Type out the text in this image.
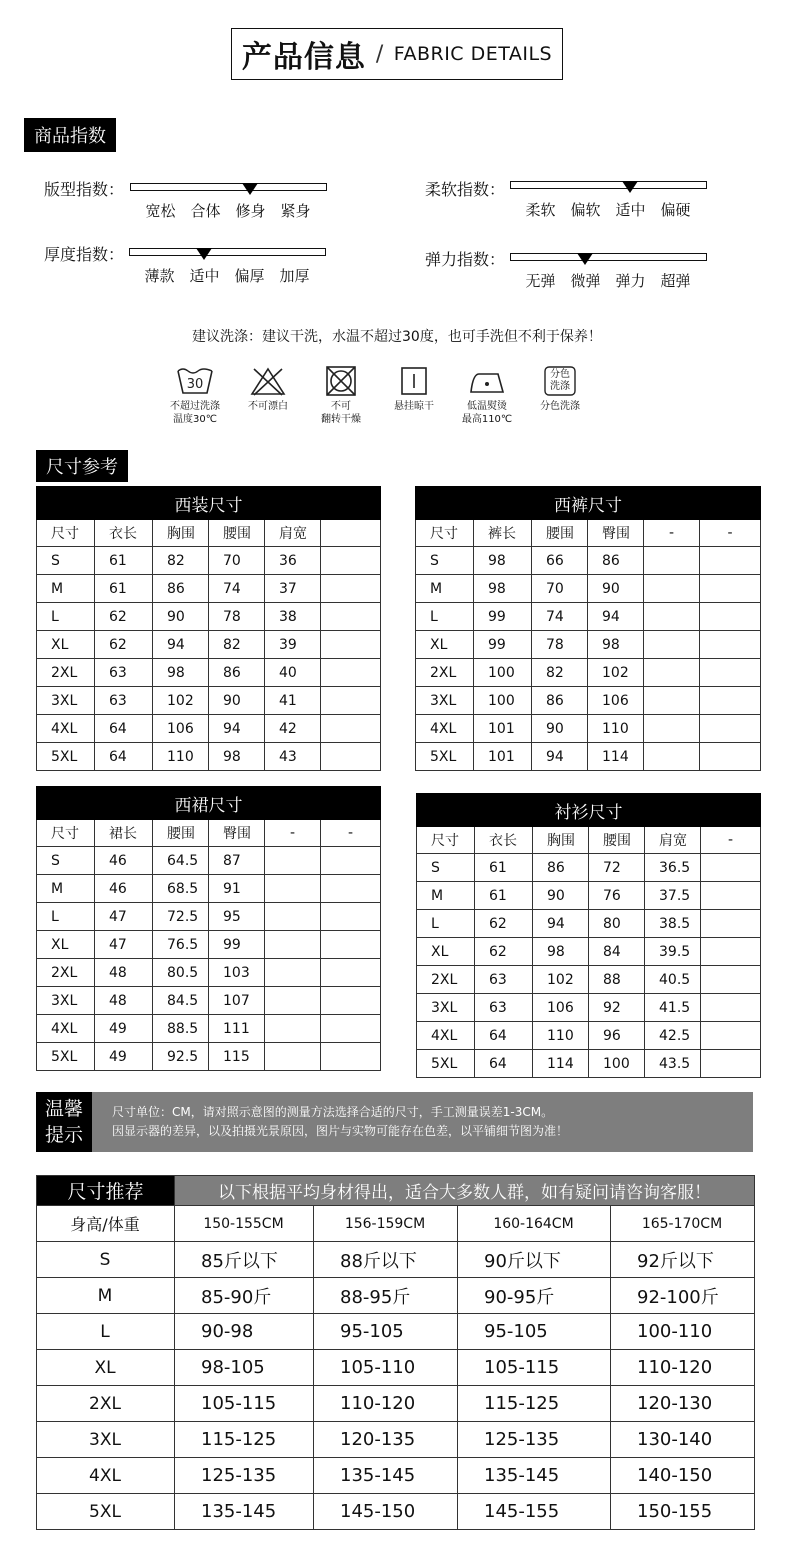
产品信息 / FABRIC DETAILS
商品指数
版型指数：
宽松 合体 修身 紧身
柔软指数：
柔软 偏软 适中 偏硬
厚度指数：
薄款 适中 偏厚 加厚
弹力指数：
无弹 微弹 弹力 超弹
建议洗涤：建议干洗，水温不超过30度，也可手洗但不利于保养！
30
不超过洗涤
温度30℃
不可漂白	不可
翻转干燥
悬挂晾干	低温熨烫
最高110℃
分色
洗涤
分色洗涤
尺寸参考
西装尺寸					
尺寸	衣长	胸围	腰围	肩宽	
S	61	82	70	36	
M	61	86	74	37	
L	62	90	78	38	
XL	62	94	82	39	
2XL	63	98	86	40	
3XL	63	102	90	41	
4XL	64	106	94	42	
5XL	64	110	98	43	
西裤尺寸					
尺寸	裤长	腰围	臀围	-	-
S	98	66	86		
M	98	70	90		
L	99	74	94		
XL	99	78	98		
2XL	100	82	102		
3XL	100	86	106		
4XL	101	90	110		
5XL	101	94	114		
西裙尺寸					
尺寸	裙长	腰围	臀围	-	-
S	46	64.5	87		
M	46	68.5	91		
L	47	72.5	95		
XL	47	76.5	99		
2XL	48	80.5	103		
3XL	48	84.5	107		
4XL	49	88.5	111		
5XL	49	92.5	115		
衬衫尺寸					
尺寸	衣长	胸围	腰围	肩宽	-
S	61	86	72	36.5	
M	61	90	76	37.5	
L	62	94	80	38.5	
XL	62	98	84	39.5	
2XL	63	102	88	40.5	
3XL	63	106	92	41.5	
4XL	64	110	96	42.5	
5XL	64	114	100	43.5	
温馨
提示
尺寸单位：CM，请对照示意图的测量方法选择合适的尺寸，手工测量误差1-3CM。
因显示器的差异，以及拍摄光景原因，图片与实物可能存在色差，以平铺细节图为准！
尺寸推荐	以下根据平均身材得出，适合大多数人群，如有疑问请咨询客服！			
身高/体重	150-155CM	156-159CM	160-164CM	165-170CM
S	85斤以下	88斤以下	90斤以下	92斤以下
M	85-90斤	88-95斤	90-95斤	92-100斤
L	90-98	95-105	95-105	100-110
XL	98-105	105-110	105-115	110-120
2XL	105-115	110-120	115-125	120-130
3XL	115-125	120-135	125-135	130-140
4XL	125-135	135-145	135-145	140-150
5XL	135-145	145-150	145-155	150-155
